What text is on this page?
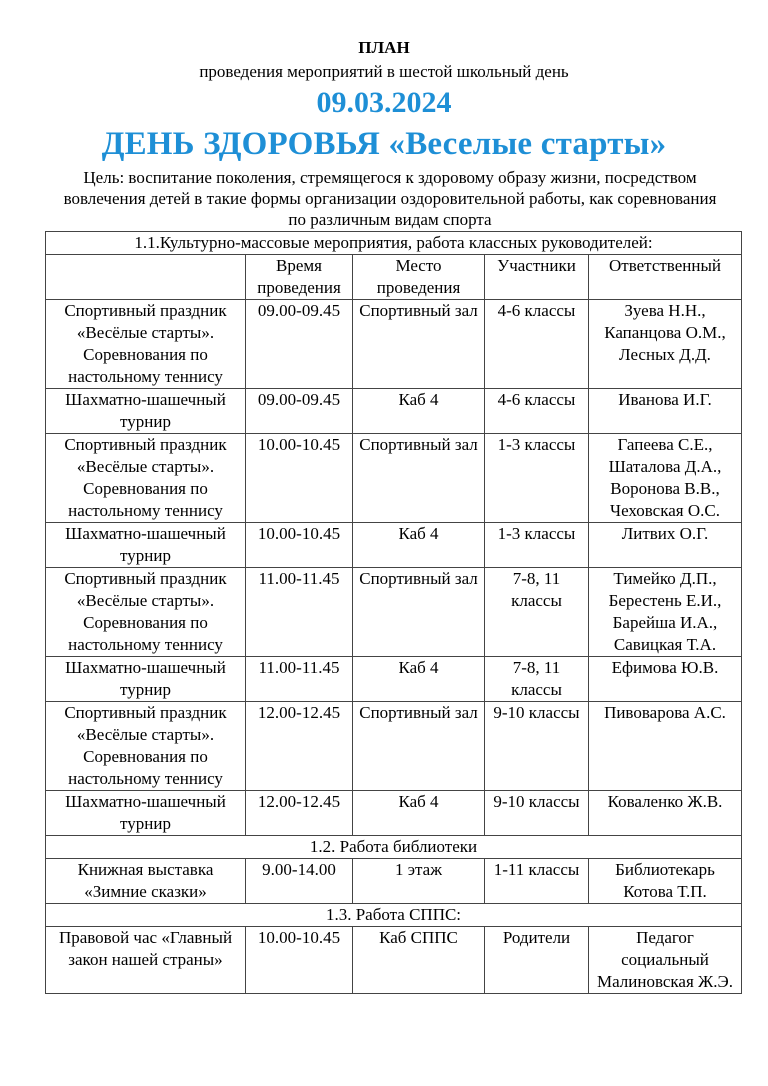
ПЛАН
проведения мероприятий в шестой школьный день
09.03.2024
ДЕНЬ ЗДОРОВЬЯ «Веселые старты»
Цель: воспитание поколения, стремящегося к здоровому образу жизни, посредством вовлечения детей в такие формы организации оздоровительной работы, как соревнования по различным видам спорта
1.1.Культурно-массовые мероприятия, работа классных руководителей:				
	Время проведения	Место проведения	Участники	Ответственный
Спортивный праздник «Весёлые старты». Соревнования по настольному теннису	09.00-09.45	Спортивный зал	4-6 классы	Зуева Н.Н., Капанцова О.М., Лесных Д.Д.
Шахматно-шашечный турнир	09.00-09.45	Каб 4	4-6 классы	Иванова И.Г.
Спортивный праздник «Весёлые старты». Соревнования по настольному теннису	10.00-10.45	Спортивный зал	1-3 классы	Гапеева С.Е., Шаталова Д.А., Воронова В.В., Чеховская О.С.
Шахматно-шашечный турнир	10.00-10.45	Каб 4	1-3 классы	Литвих О.Г.
Спортивный праздник «Весёлые старты». Соревнования по настольному теннису	11.00-11.45	Спортивный зал	7-8, 11 классы	Тимейко Д.П., Берестень Е.И., Барейша И.А., Савицкая Т.А.
Шахматно-шашечный турнир	11.00-11.45	Каб 4	7-8, 11 классы	Ефимова Ю.В.
Спортивный праздник «Весёлые старты». Соревнования по настольному теннису	12.00-12.45	Спортивный зал	9-10 классы	Пивоварова А.С.
Шахматно-шашечный турнир	12.00-12.45	Каб 4	9-10 классы	Коваленко Ж.В.
1.2. Работа библиотеки				
Книжная выставка «Зимние сказки»	9.00-14.00	1 этаж	1-11 классы	Библиотекарь Котова Т.П.
1.3. Работа СППС:				
Правовой час «Главный закон нашей страны»	10.00-10.45	Каб СППС	Родители	Педагог социальный Малиновская Ж.Э.
